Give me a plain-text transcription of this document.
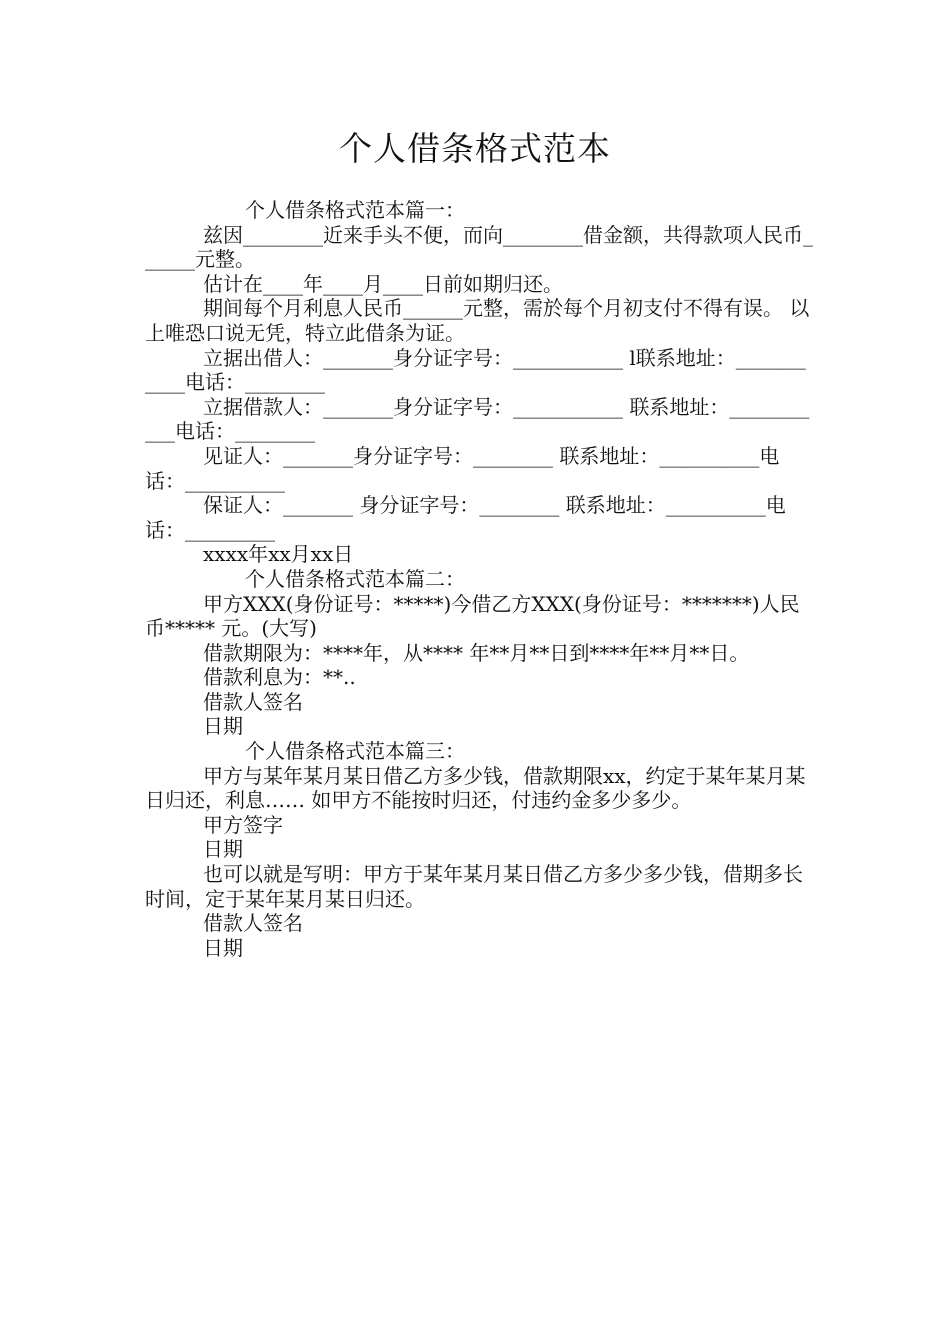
个人借条格式范本

个人借条格式范本篇一：

兹因________近来手头不便，而向________借金额，共得款项人民币______元整。

估计在____年____月____日前如期归还。

期间每个月利息人民币______元整，需於每个月初支付不得有误。 以上唯恐口说无凭，特立此借条为证。

立据出借人：_______身分证字号：___________ l联系地址：___________电话：________

立据借款人：_______身分证字号：___________ 联系地址：___________电话：________

见证人：_______身分证字号：________ 联系地址：__________电话：__________

保证人：_______ 身分证字号：________ 联系地址：__________电话：_________

xxxx年xx月xx日

个人借条格式范本篇二：

甲方XXX(身份证号：*****)今借乙方XXX(身份证号：*******)人民币***** 元。(大写)

借款期限为：****年，从**** 年**月**日到****年**月**日。

借款利息为：**..

借款人签名

日期

个人借条格式范本篇三：

甲方与某年某月某日借乙方多少钱，借款期限xx，约定于某年某月某日归还，利息…… 如甲方不能按时归还，付违约金多少多少。

甲方签字

日期

也可以就是写明：甲方于某年某月某日借乙方多少多少钱，借期多长时间，定于某年某月某日归还。

借款人签名

日期
